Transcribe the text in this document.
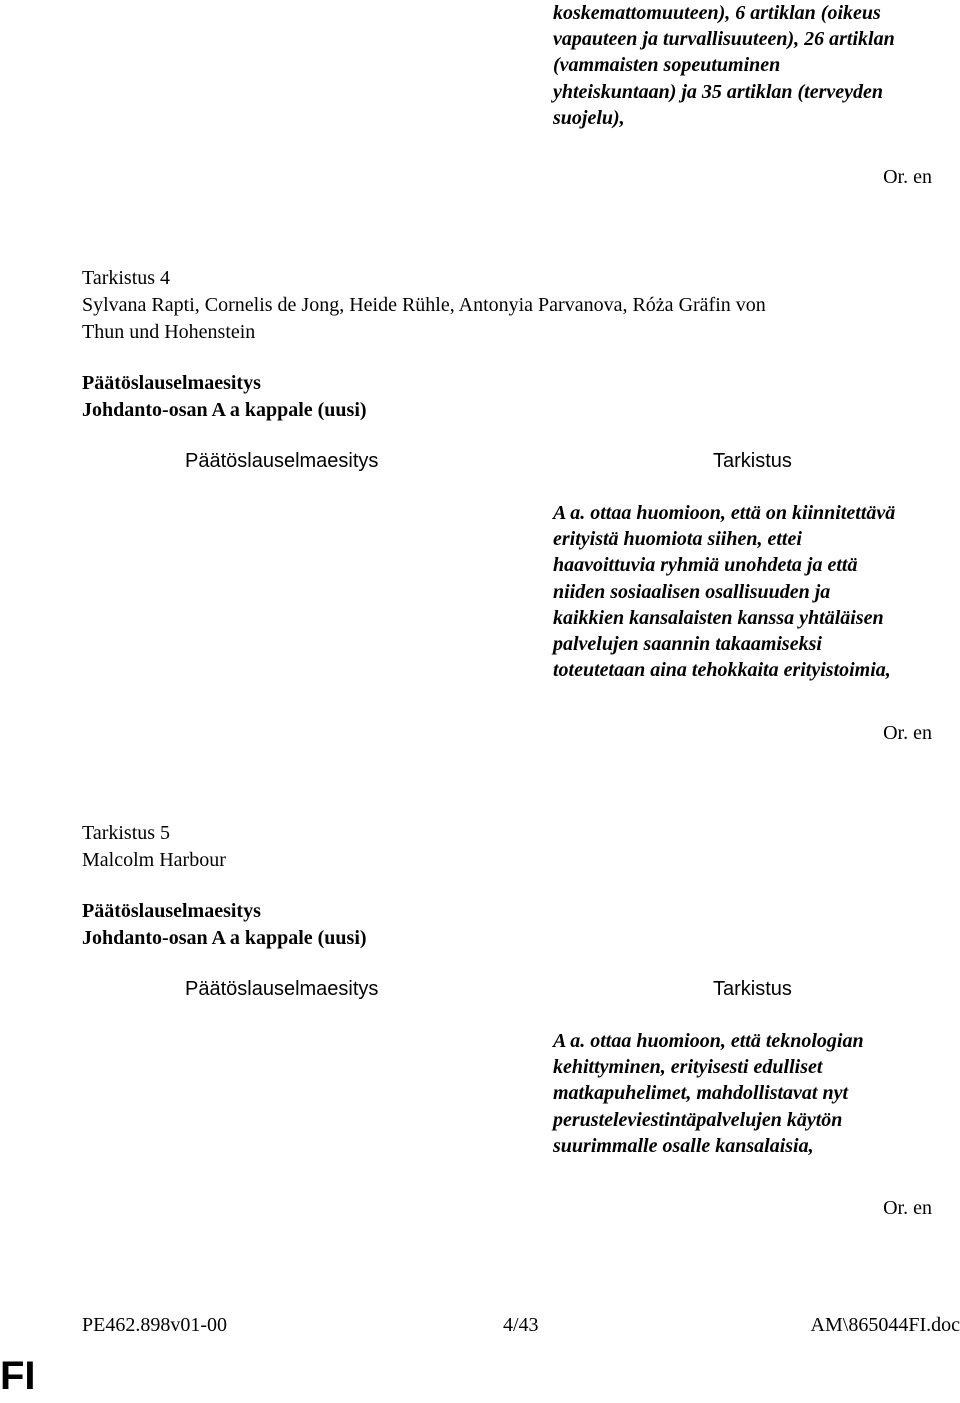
koskemattomuuteen), 6 artiklan (oikeus
vapauteen ja turvallisuuteen), 26 artiklan
(vammaisten sopeutuminen
yhteiskuntaan) ja 35 artiklan (terveyden
suojelu),
Or. en
Tarkistus 4
Sylvana Rapti, Cornelis de Jong, Heide Rühle, Antonyia Parvanova, Róża Gräfin von
Thun und Hohenstein
Päätöslauselmaesitys
Johdanto-osan A a kappale (uusi)
Päätöslauselmaesitys	Tarkistus
A a. ottaa huomioon, että on kiinnitettävä
erityistä huomiota siihen, ettei
haavoittuvia ryhmiä unohdeta ja että
niiden sosiaalisen osallisuuden ja
kaikkien kansalaisten kanssa yhtäläisen
palvelujen saannin takaamiseksi
toteutetaan aina tehokkaita erityistoimia,
Or. en
Tarkistus 5
Malcolm Harbour
Päätöslauselmaesitys
Johdanto-osan A a kappale (uusi)
Päätöslauselmaesitys	Tarkistus
A a. ottaa huomioon, että teknologian
kehittyminen, erityisesti edulliset
matkapuhelimet, mahdollistavat nyt
perusteleviestintäpalvelujen käytön
suurimmalle osalle kansalaisia,
Or. en
PE462.898v01-00	4/43	AM\865044FI.doc
FI
